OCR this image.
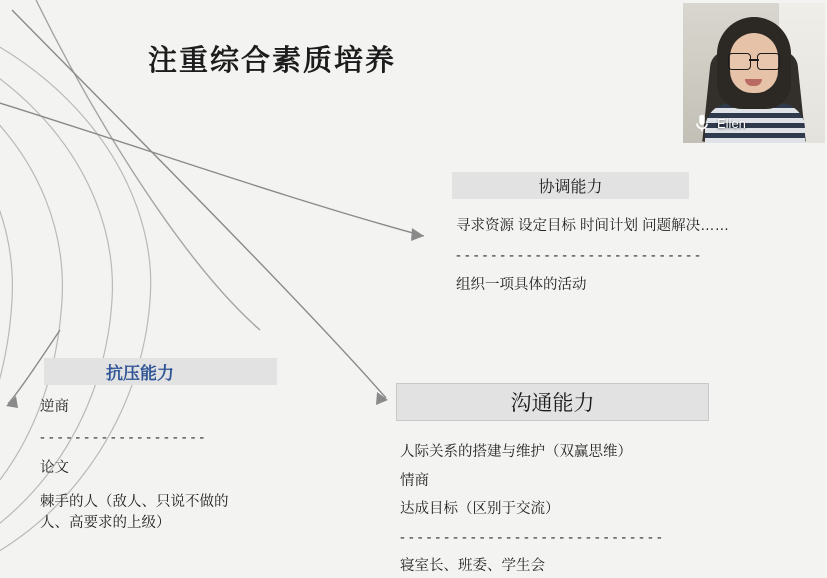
注重综合素质培养
协调能力
寻求资源 设定目标 时间计划 问题解决……
- - - - - - - - - - - - - - - - - - - - - - - - - - - -
组织一项具体的活动
抗压能力
逆商
- - - - - - - - - - - - - - - - - - -
论文
棘手的人（敌人、只说不做的人、高要求的上级）
沟通能力
人际关系的搭建与维护（双赢思维）
情商
达成目标（区别于交流）
- - - - - - - - - - - - - - - - - - - - - - - - - - - - - -
寝室长、班委、学生会
Ellen
